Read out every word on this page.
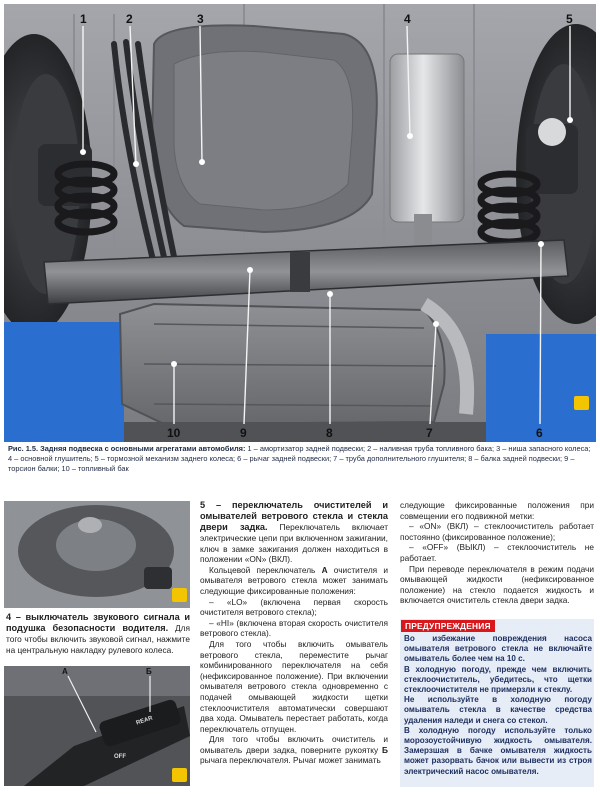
1	2	3	4	5
6
7
8
9
10
Рис. 1.5. Задняя подвеска с основными агрегатами автомобиля: 1 – амортизатор задней подвески; 2 – наливная труба топливного бака; 3 – ниша запасного колеса; 4 – основной глушитель; 5 – тормозной механизм заднего колеса; 6 – рычаг задней подвески; 7 – труба дополнительного глушителя; 8 – балка задней подвески; 9 – торсион балки; 10 – топливный бак

4 – выключатель звукового сигнала и подушка безопасности водителя. Для того чтобы включить звуковой сигнал, нажмите на центральную накладку рулевого колеса.

А	Б
REAR
OFF

5 – переключатель очистителей и омывателей ветрового стекла и стекла двери задка. Переключатель включает электрические цепи при включенном зажигании, ключ в замке зажигания должен находиться в положении «ON» (ВКЛ).

Кольцевой переключатель А очистителя и омывателя ветрового стекла может занимать следующие фиксированные положения:

– «LO» (включена первая скорость очистителя ветрового стекла);

– «HI» (включена вторая скорость очистителя ветрового стекла).

Для того чтобы включить омыватель ветрового стекла, переместите рычаг комбинированного переключателя на себя (нефиксированное положение). При включении омывателя ветрового стекла одновременно с подачей омывающей жидкости щетки стеклоочистителя автоматически совершают два хода. Омыватель перестает работать, когда переключатель отпущен.

Для того чтобы включить очиститель и омыватель двери задка, поверните рукоятку Б рычага переключателя. Рычаг может занимать

следующие фиксированные положения при совмещении его подвижной метки:

– «ON» (ВКЛ) – стеклоочиститель работает постоянно (фиксированное положение);

– «OFF» (ВЫКЛ) – стеклоочиститель не работает.

При переводе переключателя в режим подачи омывающей жидкости (нефиксированное положение) на стекло подается жидкость и включается очиститель стекла двери задка.

ПРЕДУПРЕЖДЕНИЯ

Во избежание повреждения насоса омывателя ветрового стекла не включайте омыватель более чем на 10 с.

В холодную погоду, прежде чем включить стеклоочиститель, убедитесь, что щетки стеклоочистителя не примерзли к стеклу.

Не используйте в холодную погоду омыватель стекла в качестве средства удаления наледи и снега со стекол.

В холодную погоду используйте только морозоустойчивую жидкость омывателя. Замерзшая в бачке омывателя жидкость может разорвать бачок или вывести из строя электрический насос омывателя.
